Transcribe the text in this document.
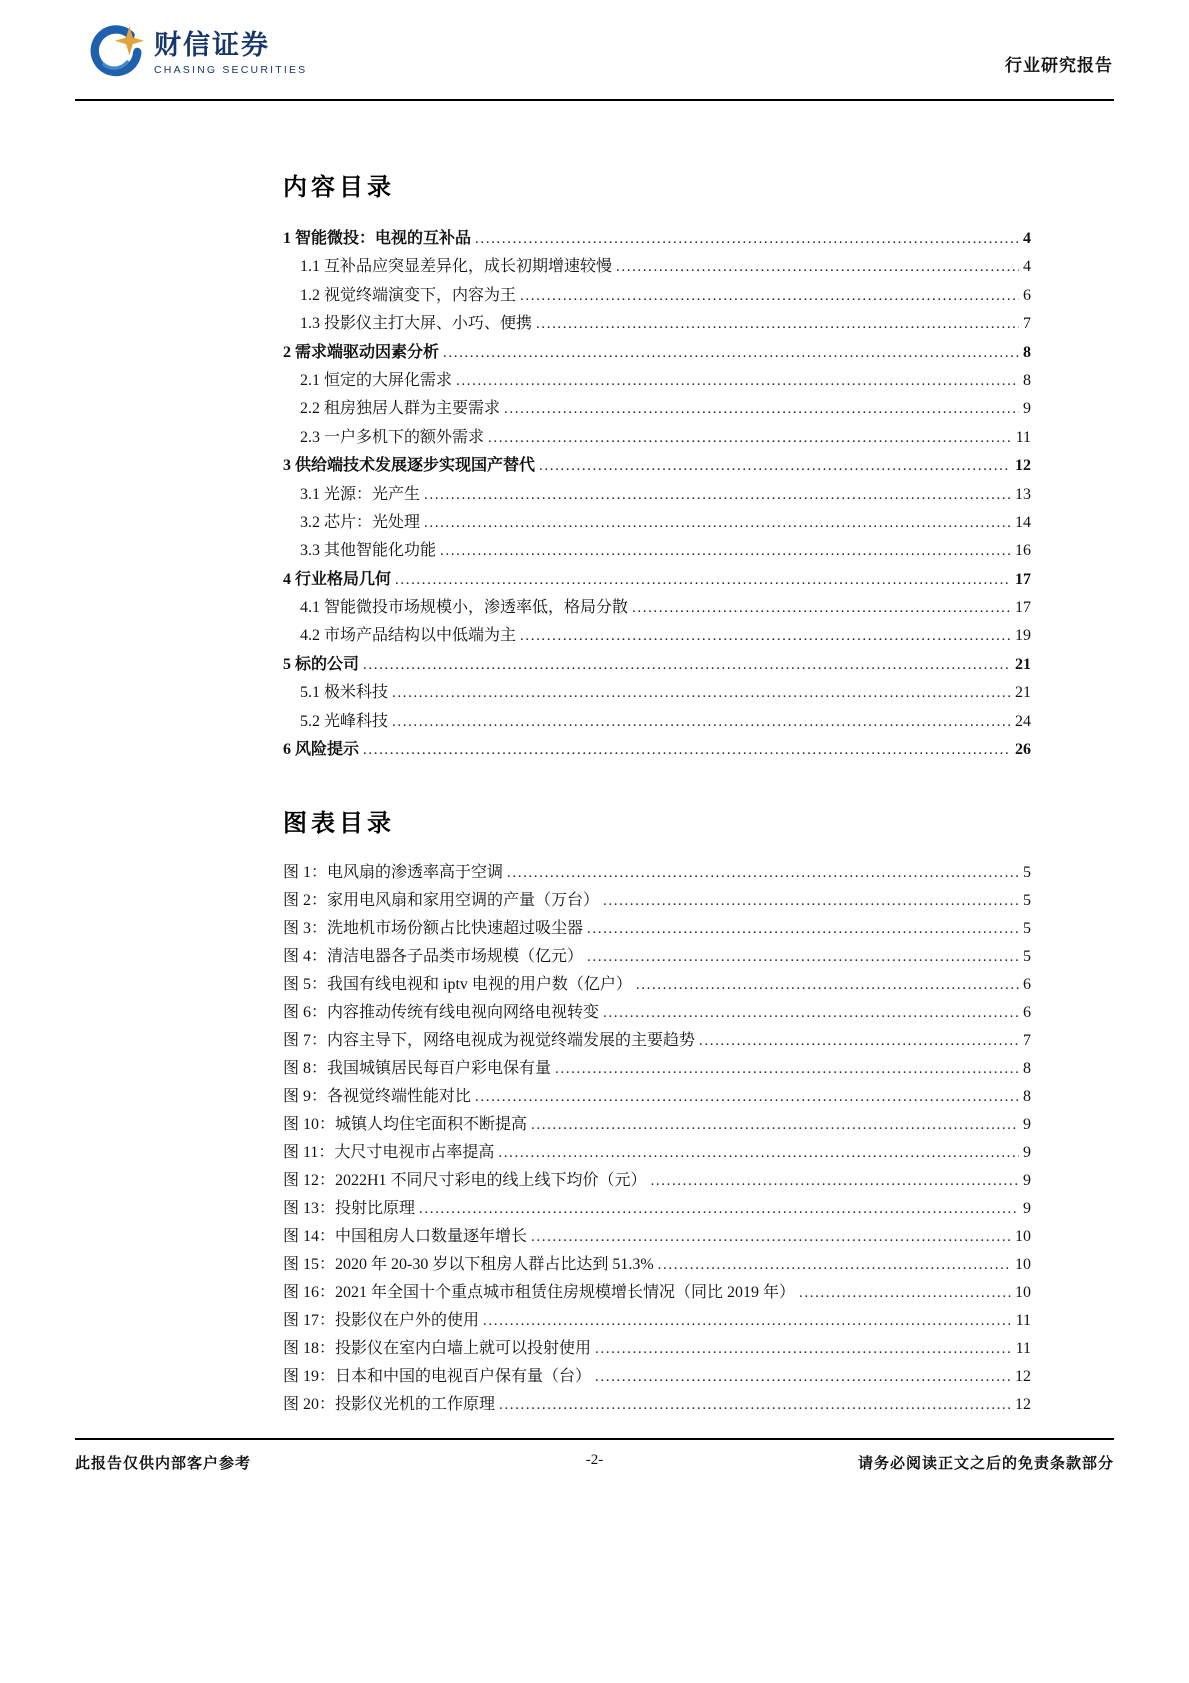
财信证券
CHASING SECURITIES	行业研究报告
内容目录
1 智能微投：电视的互补品 .....	4
1.1 互补品应突显差异化，成长初期增速较慢 .....	4
1.2 视觉终端演变下，内容为王 .....	6
1.3 投影仪主打大屏、小巧、便携 .....	7
2 需求端驱动因素分析 .....	8
2.1 恒定的大屏化需求 .....	8
2.2 租房独居人群为主要需求 .....	9
2.3 一户多机下的额外需求 .....	11
3 供给端技术发展逐步实现国产替代 .....	12
3.1 光源：光产生 .....	13
3.2 芯片：光处理 .....	14
3.3 其他智能化功能 .....	16
4 行业格局几何 .....	17
4.1 智能微投市场规模小，渗透率低，格局分散 .....	17
4.2 市场产品结构以中低端为主 .....	19
5 标的公司 .....	21
5.1 极米科技 .....	21
5.2 光峰科技 .....	24
6 风险提示 .....	26
图表目录
图 1：电风扇的渗透率高于空调 .....	5
图 2：家用电风扇和家用空调的产量（万台） .....	5
图 3：洗地机市场份额占比快速超过吸尘器 .....	5
图 4：清洁电器各子品类市场规模（亿元） .....	5
图 5：我国有线电视和 iptv 电视的用户数（亿户） .....	6
图 6：内容推动传统有线电视向网络电视转变 .....	6
图 7：内容主导下，网络电视成为视觉终端发展的主要趋势 .....	7
图 8：我国城镇居民每百户彩电保有量 .....	8
图 9：各视觉终端性能对比 .....	8
图 10：城镇人均住宅面积不断提高 .....	9
图 11：大尺寸电视市占率提高 .....	9
图 12：2022H1 不同尺寸彩电的线上线下均价（元） .....	9
图 13：投射比原理 .....	9
图 14：中国租房人口数量逐年增长 .....	10
图 15：2020 年 20-30 岁以下租房人群占比达到 51.3% .....	10
图 16：2021 年全国十个重点城市租赁住房规模增长情况（同比 2019 年） .....	10
图 17：投影仪在户外的使用 .....	11
图 18：投影仪在室内白墙上就可以投射使用 .....	11
图 19：日本和中国的电视百户保有量（台） .....	12
图 20：投影仪光机的工作原理 .....	12
此报告仅供内部客户参考	-2-	请务必阅读正文之后的免责条款部分
